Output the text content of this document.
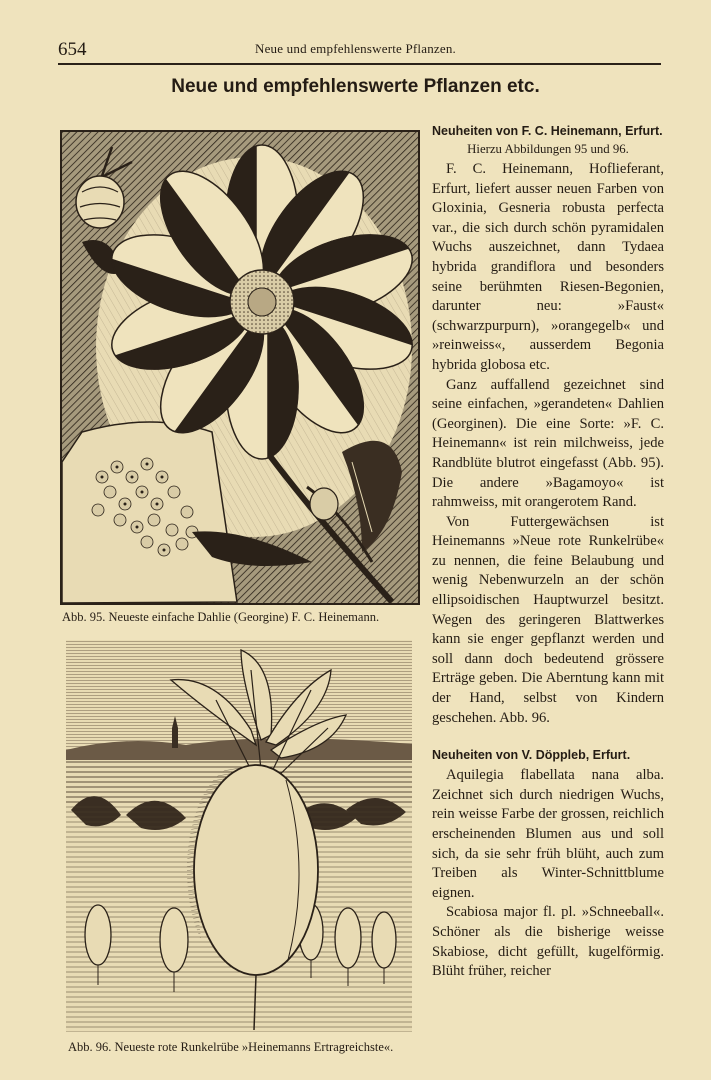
654	Neue und empfehlenswerte Pflanzen.
Neue und empfehlenswerte Pflanzen etc.
Abb. 95. Neueste einfache Dahlie (Georgine) F. C. Heinemann.
Abb. 96. Neueste rote Runkelrübe »Heinemanns Ertragreichste«.
Neuheiten von F. C. Heinemann, Erfurt.
Hierzu Abbildungen 95 und 96.

F. C. Heinemann, Hoflieferant, Erfurt, liefert ausser neuen Farben von Gloxinia, Gesneria robusta perfecta var., die sich durch schön pyramidalen Wuchs auszeichnet, dann Tydaea hybrida grandiflora und besonders seine berühmten Riesen-Begonien, darunter neu: »Faust« (schwarzpurpurn), »orangegelb« und »reinweiss«, ausserdem Begonia hybrida globosa etc.

Ganz auffallend gezeichnet sind seine einfachen, »gerandeten« Dahlien (Georginen). Die eine Sorte: »F. C. Heinemann« ist rein milchweiss, jede Randblüte blutrot eingefasst (Abb. 95). Die andere »Bagamoyo« ist rahmweiss, mit orangerotem Rand.

Von Futtergewächsen ist Heinemanns »Neue rote Runkelrübe« zu nennen, die feine Belaubung und wenig Nebenwurzeln an der schön ellipsoidischen Hauptwurzel besitzt. Wegen des geringeren Blattwerkes kann sie enger gepflanzt werden und soll dann doch bedeutend grössere Erträge geben. Die Aberntung kann mit der Hand, selbst von Kindern geschehen. Abb. 96.

Neuheiten von V. Döppleb, Erfurt.

Aquilegia flabellata nana alba. Zeichnet sich durch niedrigen Wuchs, rein weisse Farbe der grossen, reichlich erscheinenden Blumen aus und soll sich, da sie sehr früh blüht, auch zum Treiben als Winter-Schnittblume eignen.

Scabiosa major fl. pl. »Schneeball«. Schöner als die bisherige weisse Skabiose, dicht gefüllt, kugelförmig. Blüht früher, reicher
